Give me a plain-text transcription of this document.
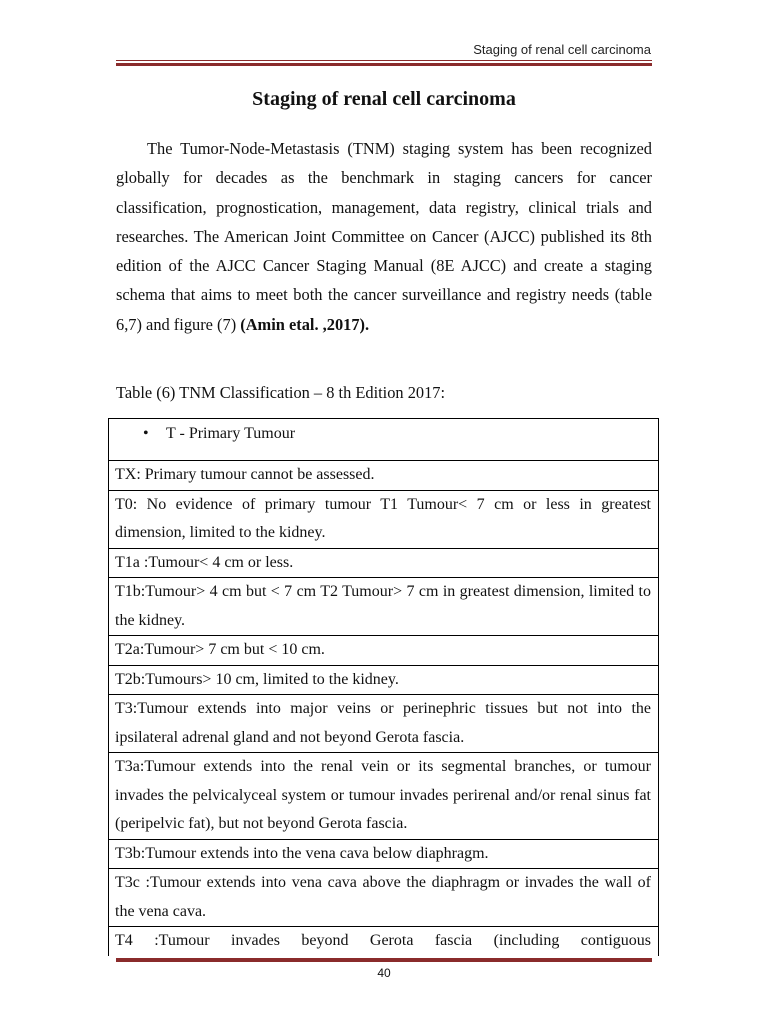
Staging of renal cell carcinoma
Staging of renal cell carcinoma

The Tumor-Node-Metastasis (TNM) staging system has been recognized globally for decades as the benchmark in staging cancers for cancer classification, prognostication, management, data registry, clinical trials and researches. The American Joint Committee on Cancer (AJCC) published its 8th edition of the AJCC Cancer Staging Manual (8E AJCC) and create a staging schema that aims to meet both the cancer surveillance and registry needs (table 6,7) and figure (7) (Amin etal. ,2017).

Table (6) TNM Classification – 8 th Edition 2017:

• T - Primary Tumour

TX: Primary tumour cannot be assessed.
T0: No evidence of primary tumour T1 Tumour< 7 cm or less in greatest dimension, limited to the kidney.
T1a :Tumour< 4 cm or less.
T1b:Tumour> 4 cm but < 7 cm T2 Tumour> 7 cm in greatest dimension, limited to the kidney.
T2a:Tumour> 7 cm but < 10 cm.
T2b:Tumours> 10 cm, limited to the kidney.
T3:Tumour extends into major veins or perinephric tissues but not into the ipsilateral adrenal gland and not beyond Gerota fascia.
T3a:Tumour extends into the renal vein or its segmental branches, or tumour invades the pelvicalyceal system or tumour invades perirenal and/or renal sinus fat (peripelvic fat), but not beyond Gerota fascia.
T3b:Tumour extends into the vena cava below diaphragm.
T3c :Tumour extends into vena cava above the diaphragm or invades the wall of the vena cava.
T4 :Tumour invades beyond Gerota fascia (including contiguous
40
